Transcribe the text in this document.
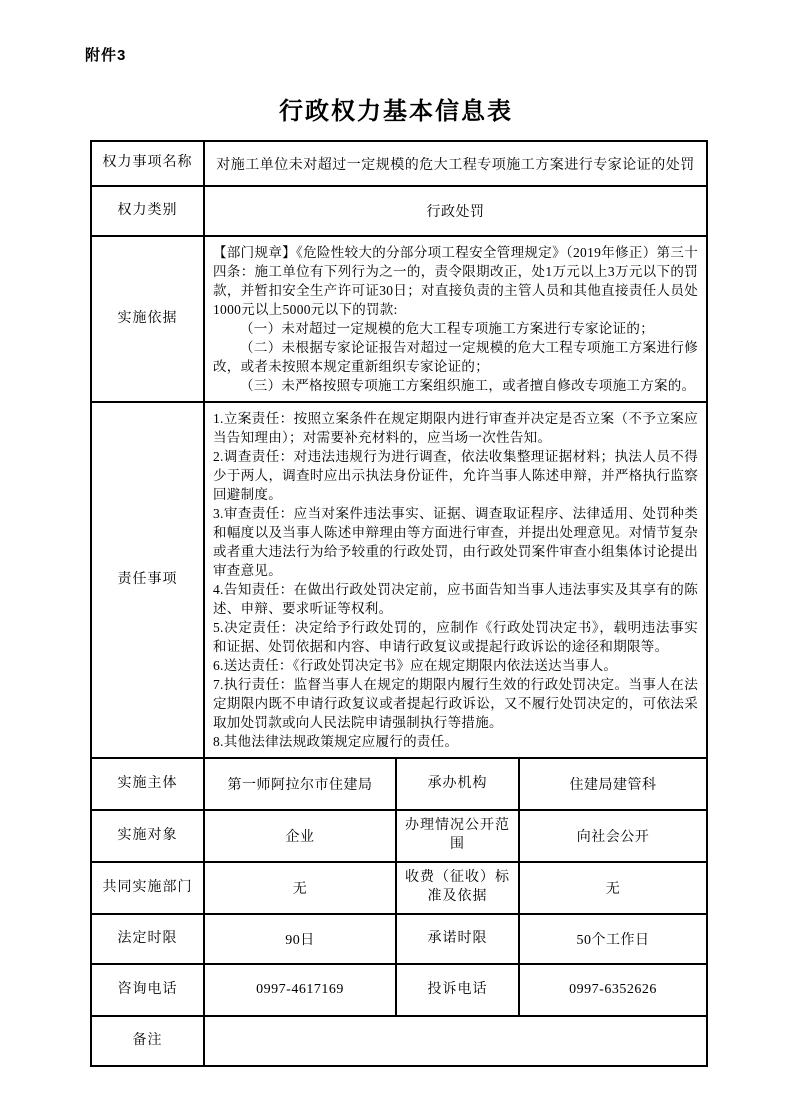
附件3
行政权力基本信息表
权力事项名称	对施工单位未对超过一定规模的危大工程专项施工方案进行专家论证的处罚		
权力类别	行政处罚		
实施依据	【部门规章】《危险性较大的分部分项工程安全管理规定》（2019年修正）第三十四条：施工单位有下列行为之一的，责令限期改正，处1万元以上3万元以下的罚款，并暂扣安全生产许可证30日；对直接负责的主管人员和其他直接责任人员处1000元以上5000元以下的罚款:

（一）未对超过一定规模的危大工程专项施工方案进行专家论证的；

（二）未根据专家论证报告对超过一定规模的危大工程专项施工方案进行修改，或者未按照本规定重新组织专家论证的；

（三）未严格按照专项施工方案组织施工，或者擅自修改专项施工方案的。		

责任事项	

1.立案责任：按照立案条件在规定期限内进行审查并决定是否立案（不予立案应当告知理由）；对需要补充材料的，应当场一次性告知。

2.调查责任：对违法违规行为进行调查，依法收集整理证据材料；执法人员不得少于两人，调查时应出示执法身份证件，允许当事人陈述申辩，并严格执行监察回避制度。

3.审查责任：应当对案件违法事实、证据、调查取证程序、法律适用、处罚种类和幅度以及当事人陈述申辩理由等方面进行审查，并提出处理意见。对情节复杂或者重大违法行为给予较重的行政处罚，由行政处罚案件审查小组集体讨论提出审查意见。

4.告知责任：在做出行政处罚决定前，应书面告知当事人违法事实及其享有的陈述、申辩、要求听证等权利。

5.决定责任：决定给予行政处罚的，应制作《行政处罚决定书》，载明违法事实和证据、处罚依据和内容、申请行政复议或提起行政诉讼的途径和期限等。

6.送达责任：《行政处罚决定书》应在规定期限内依法送达当事人。

7.执行责任：监督当事人在规定的期限内履行生效的行政处罚决定。当事人在法定期限内既不申请行政复议或者提起行政诉讼，又不履行处罚决定的，可依法采取加处罚款或向人民法院申请强制执行等措施。

8.其他法律法规政策规定应履行的责任。

实施主体	第一师阿拉尔市住建局	承办机构	住建局建管科
实施对象	企业	办理情况公开范围	向社会公开
共同实施部门	无	收费（征收）标准及依据	无
法定时限	90日	承诺时限	50个工作日
咨询电话	0997-4617169	投诉电话	0997-6352626
备注			
